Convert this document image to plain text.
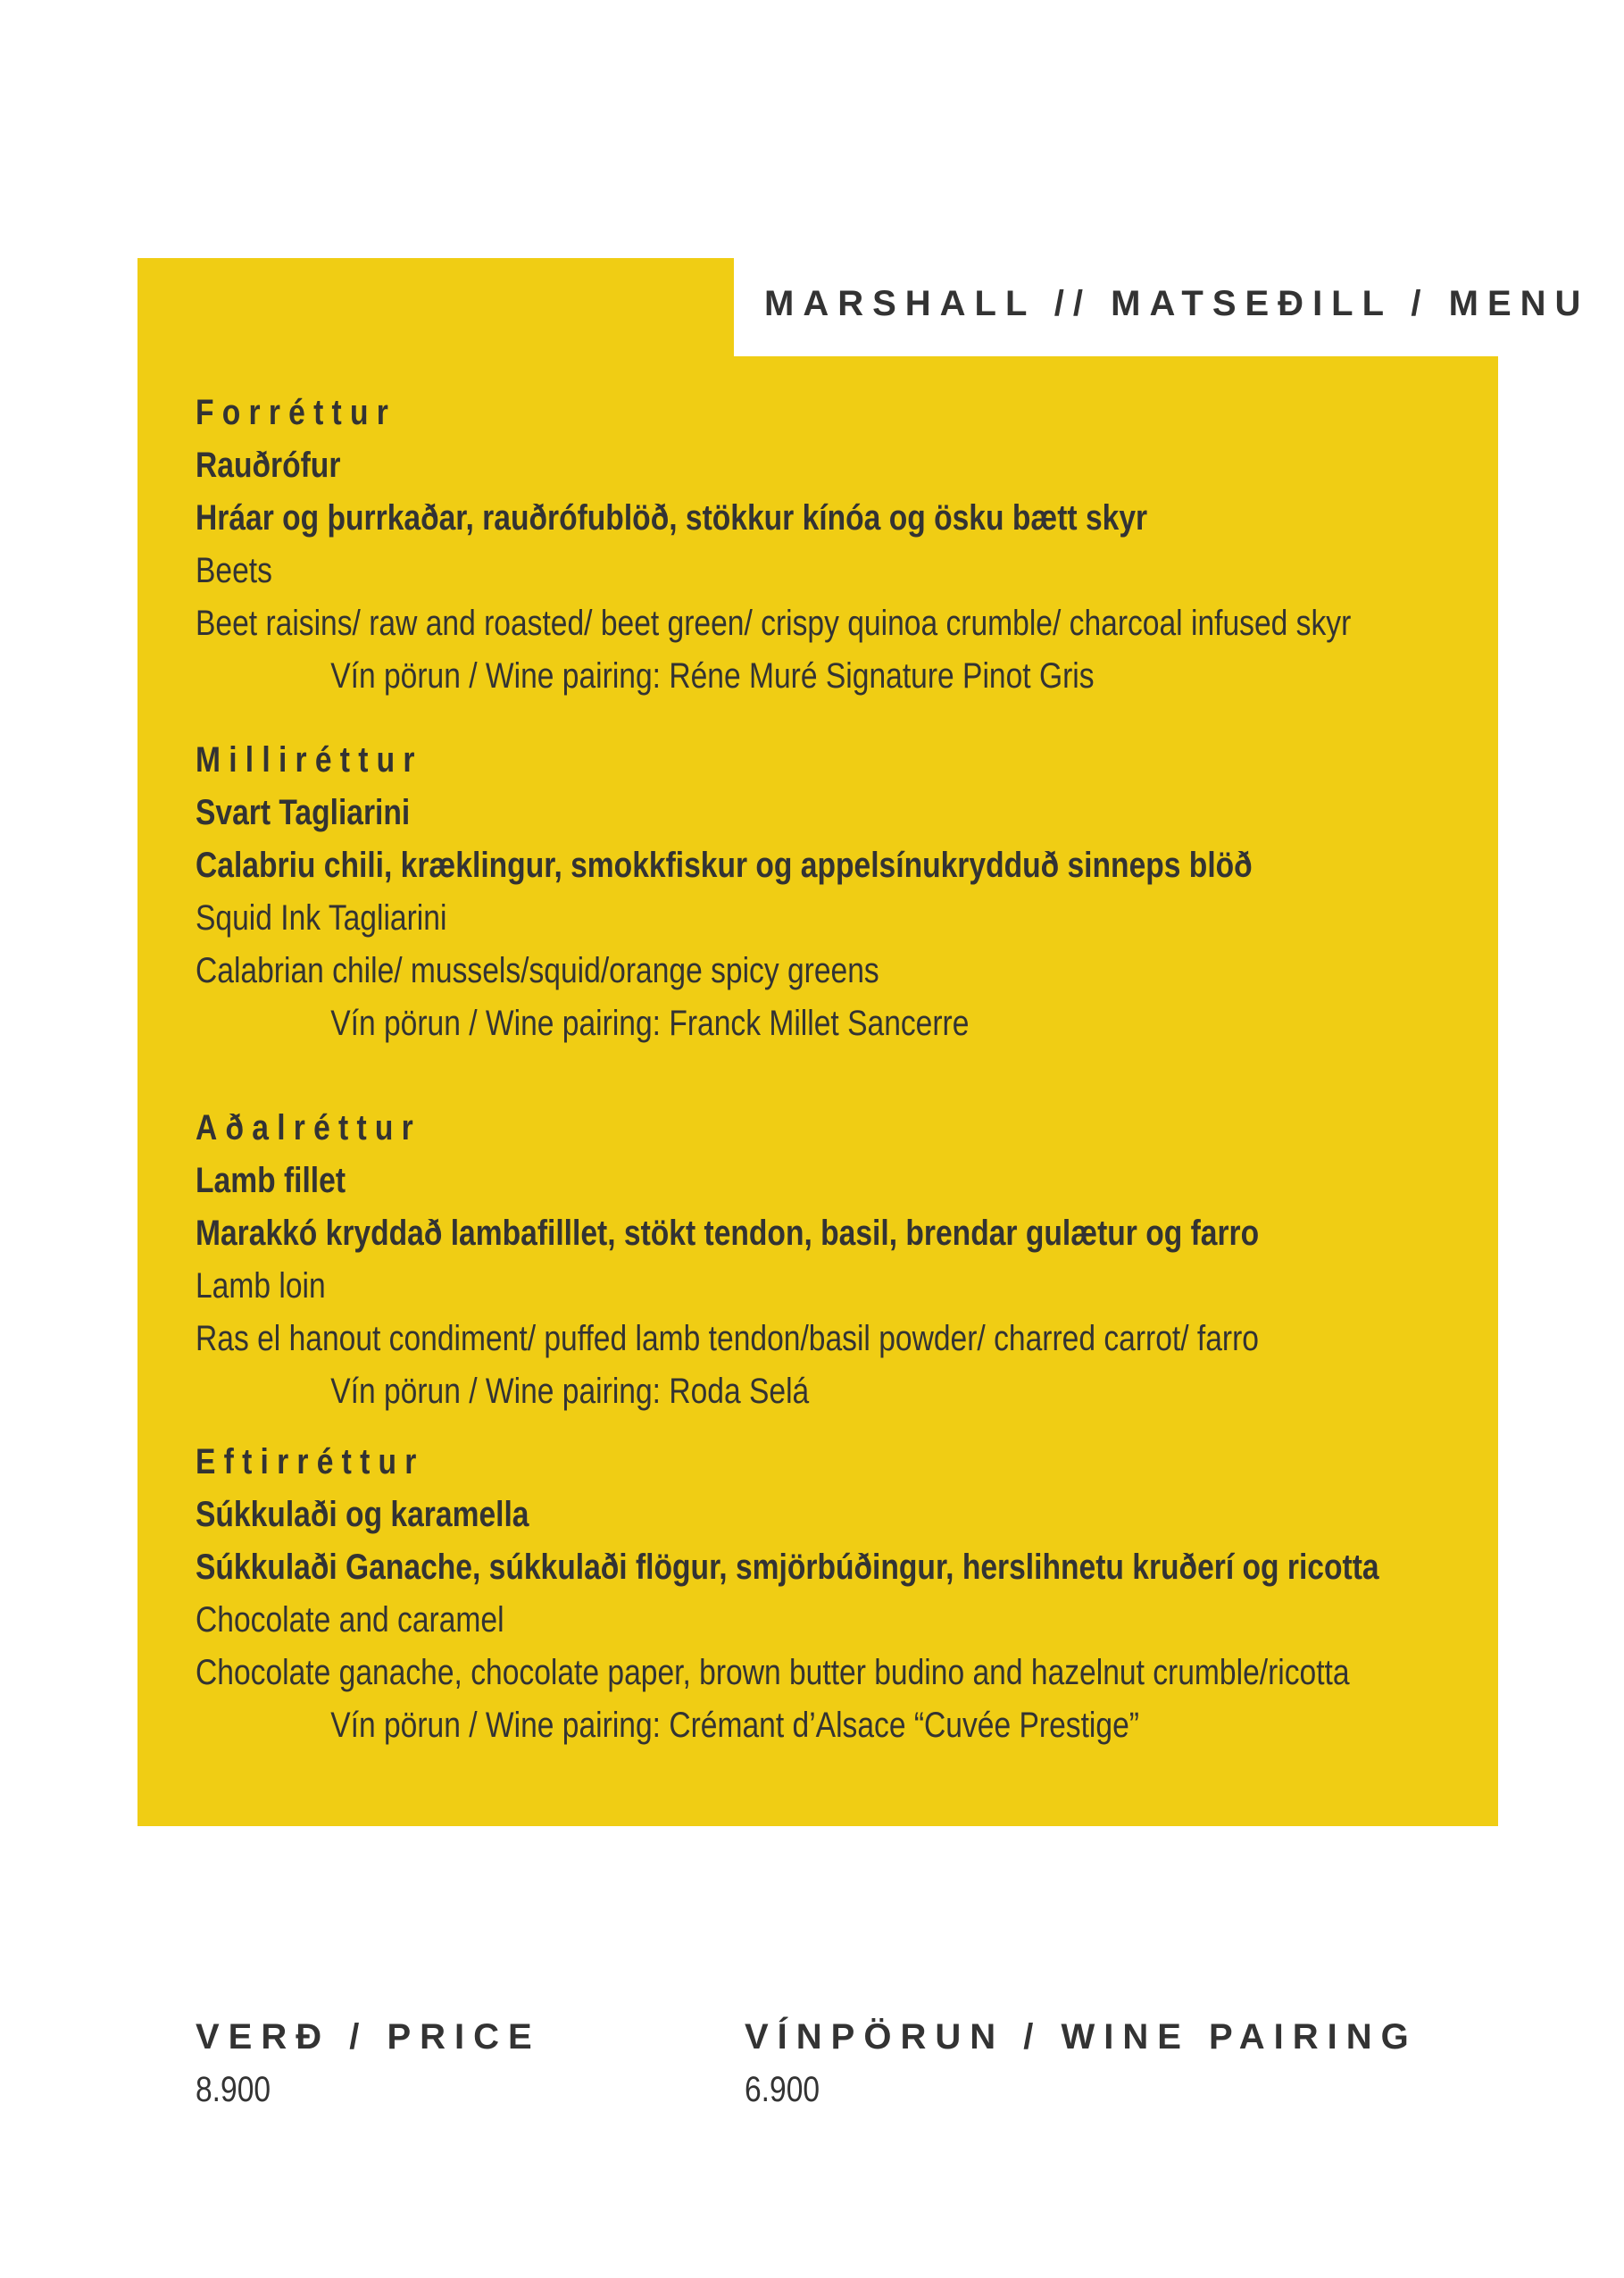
MARSHALL // MATSEÐILL / MENU
Forréttur
Rauðrófur
Hráar og þurrkaðar, rauðrófublöð, stökkur kínóa og ösku bætt skyr
Beets
Beet raisins/ raw and roasted/ beet green/ crispy quinoa crumble/ charcoal infused skyr
Vín pörun / Wine pairing: Réne Muré Signature Pinot Gris
Milliréttur
Svart Tagliarini
Calabriu chili, kræklingur, smokkfiskur og appelsínukrydduð sinneps blöð
Squid Ink Tagliarini
Calabrian chile/ mussels/squid/orange spicy greens
Vín pörun / Wine pairing: Franck Millet Sancerre
Aðalréttur
Lamb fillet
Marakkó kryddað lambafilllet, stökt tendon, basil, brendar gulætur og farro
Lamb loin
Ras el hanout condiment/ puffed lamb tendon/basil powder/ charred carrot/ farro
Vín pörun / Wine pairing: Roda Selá
Eftirréttur
Súkkulaði og karamella
Súkkulaði Ganache, súkkulaði flögur, smjörbúðingur, herslihnetu kruðerí og ricotta
Chocolate and caramel
Chocolate ganache, chocolate paper, brown butter budino and hazelnut crumble/ricotta
Vín pörun / Wine pairing: Crémant d’Alsace “Cuvée Prestige”
VERÐ / PRICE
8.900
VÍNPÖRUN / WINE PAIRING
6.900
